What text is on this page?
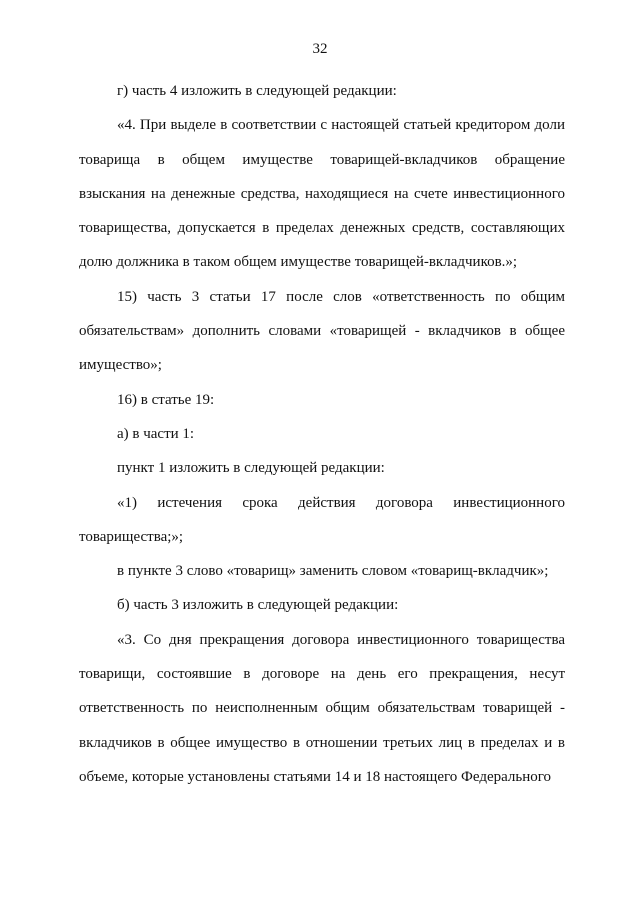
32

г) часть 4 изложить в следующей редакции:

«4. При выделе в соответствии с настоящей статьей кредитором доли товарища в общем имуществе товарищей-вкладчиков обращение взыскания на денежные средства, находящиеся на счете инвестиционного товарищества, допускается в пределах денежных средств, составляющих долю должника в таком общем имуществе товарищей-вкладчиков.»;

15) часть 3 статьи 17 после слов «ответственность по общим обязательствам» дополнить словами «товарищей - вкладчиков в общее имущество»;

16) в статье 19:

а) в части 1:

пункт 1 изложить в следующей редакции:

«1) истечения срока действия договора инвестиционного товарищества;»;

в пункте 3 слово «товарищ» заменить словом «товарищ-вкладчик»;

б) часть 3 изложить в следующей редакции:

«3. Со дня прекращения договора инвестиционного товарищества товарищи, состоявшие в договоре на день его прекращения, несут ответственность по неисполненным общим обязательствам товарищей - вкладчиков в общее имущество в отношении третьих лиц в пределах и в объеме, которые установлены статьями 14 и 18 настоящего Федерального
